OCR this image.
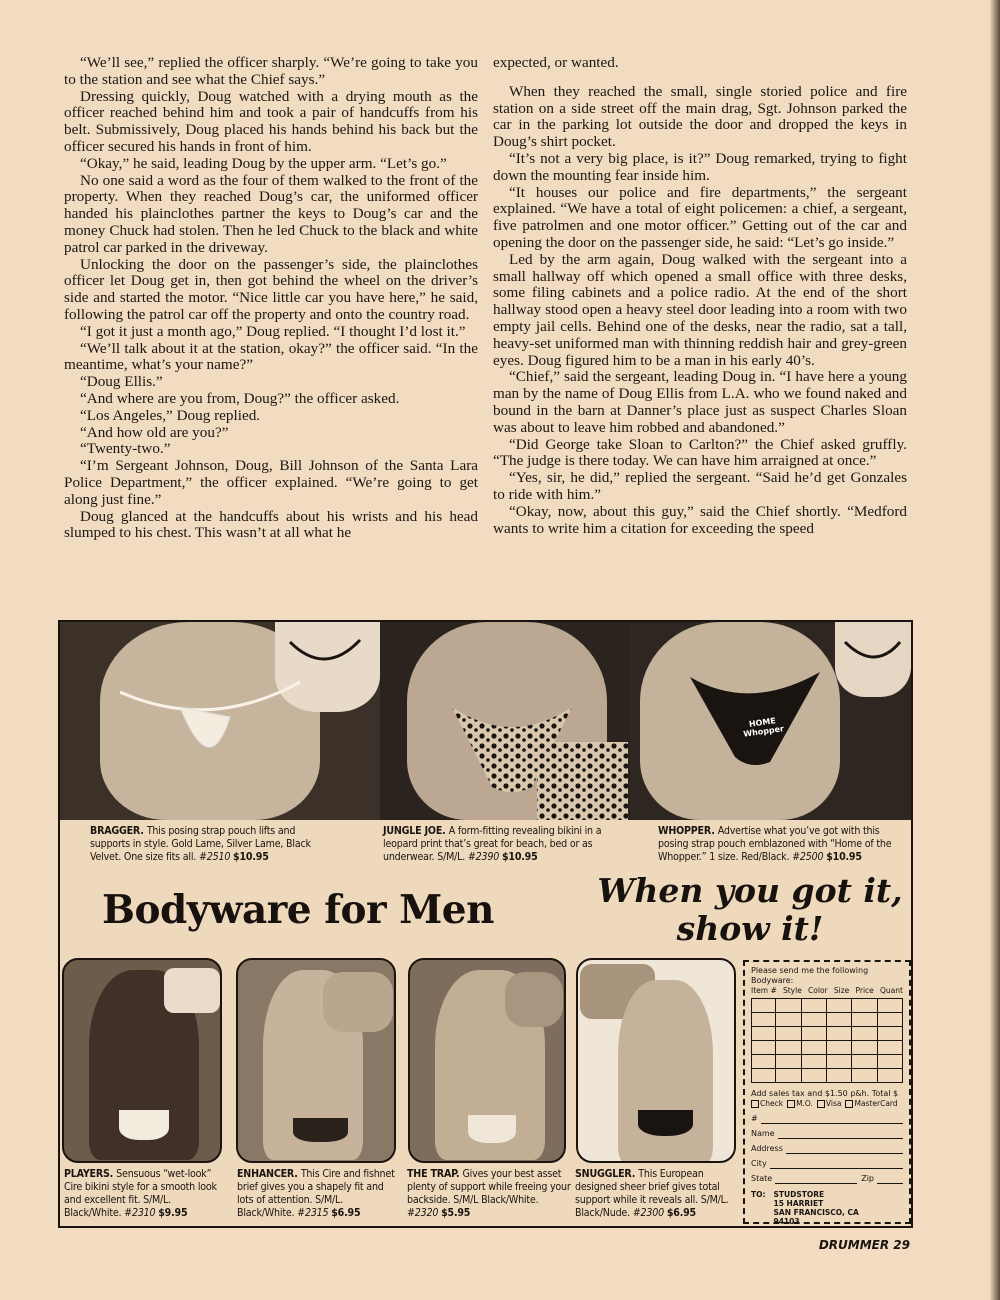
“We’ll see,” replied the officer sharply. “We’re going to take you to the station and see what the Chief says.”

Dressing quickly, Doug watched with a drying mouth as the officer reached behind him and took a pair of handcuffs from his belt. Submissively, Doug placed his hands behind his back but the officer secured his hands in front of him.

“Okay,” he said, leading Doug by the upper arm. “Let’s go.”

No one said a word as the four of them walked to the front of the property. When they reached Doug’s car, the uniformed officer handed his plainclothes partner the keys to Doug’s car and the money Chuck had stolen. Then he led Chuck to the black and white patrol car parked in the driveway.

Unlocking the door on the passenger’s side, the plainclothes officer let Doug get in, then got behind the wheel on the driver’s side and started the motor. “Nice little car you have here,” he said, following the patrol car off the property and onto the country road.

“I got it just a month ago,” Doug replied. “I thought I’d lost it.”

“We’ll talk about it at the station, okay?” the officer said. “In the meantime, what’s your name?”

“Doug Ellis.”

“And where are you from, Doug?” the officer asked.

“Los Angeles,” Doug replied.

“And how old are you?”

“Twenty-two.”

“I’m Sergeant Johnson, Doug, Bill Johnson of the Santa Lara Police Department,” the officer explained. “We’re going to get along just fine.”

Doug glanced at the handcuffs about his wrists and his head slumped to his chest. This wasn’t at all what he

expected, or wanted.

When they reached the small, single storied police and fire station on a side street off the main drag, Sgt. Johnson parked the car in the parking lot outside the door and dropped the keys in Doug’s shirt pocket.

“It’s not a very big place, is it?” Doug remarked, trying to fight down the mounting fear inside him.

“It houses our police and fire departments,” the sergeant explained. “We have a total of eight policemen: a chief, a sergeant, five patrolmen and one motor officer.” Getting out of the car and opening the door on the passenger side, he said: “Let’s go inside.”

Led by the arm again, Doug walked with the sergeant into a small hallway off which opened a small office with three desks, some filing cabinets and a police radio. At the end of the short hallway stood open a heavy steel door leading into a room with two empty jail cells. Behind one of the desks, near the radio, sat a tall, heavy-set uniformed man with thinning reddish hair and grey-green eyes. Doug figured him to be a man in his early 40’s.

“Chief,” said the sergeant, leading Doug in. “I have here a young man by the name of Doug Ellis from L.A. who we found naked and bound in the barn at Danner’s place just as suspect Charles Sloan was about to leave him robbed and abandoned.”

“Did George take Sloan to Carlton?” the Chief asked gruffly. “The judge is there today. We can have him arraigned at once.”

“Yes, sir, he did,” replied the sergeant. “Said he’d get Gonzales to ride with him.”

“Okay, now, about this guy,” said the Chief shortly. “Medford wants to write him a citation for exceeding the speed

HOME Whopper
BRAGGER. This posing strap pouch lifts and supports in style. Gold Lame, Silver Lame, Black Velvet. One size fits all. #2510 $10.95
JUNGLE JOE. A form-fitting revealing bikini in a leopard print that’s great for beach, bed or as underwear. S/M/L. #2390 $10.95
WHOPPER. Advertise what you’ve got with this posing strap pouch emblazoned with “Home of the Whopper.” 1 size. Red/Black. #2500 $10.95
Bodyware for Men	When you got it,
show it!
PLAYERS. Sensuous “wet-look” Cire bikini style for a smooth look and excellent fit. S/M/L. Black/White. #2310 $9.95
ENHANCER. This Cire and fishnet brief gives you a shapely fit and lots of attention. S/M/L. Black/White. #2315 $6.95
THE TRAP. Gives your best asset plenty of support while freeing your backside. S/M/L Black/White. #2320 $5.95
SNUGGLER. This European designed sheer brief gives total support while it reveals all. S/M/L. Black/Nude. #2300 $6.95
Please send me the following Bodyware:
Item # Style Color Size Price Quant
Add sales tax and $1.50 p&h. Total $
Check	M.O.	Visa	MasterCard
#
Name
Address
City
State	Zip
TO: STUDSTORE
15 HARRIET
SAN FRANCISCO, CA
94103
DRUMMER 29
